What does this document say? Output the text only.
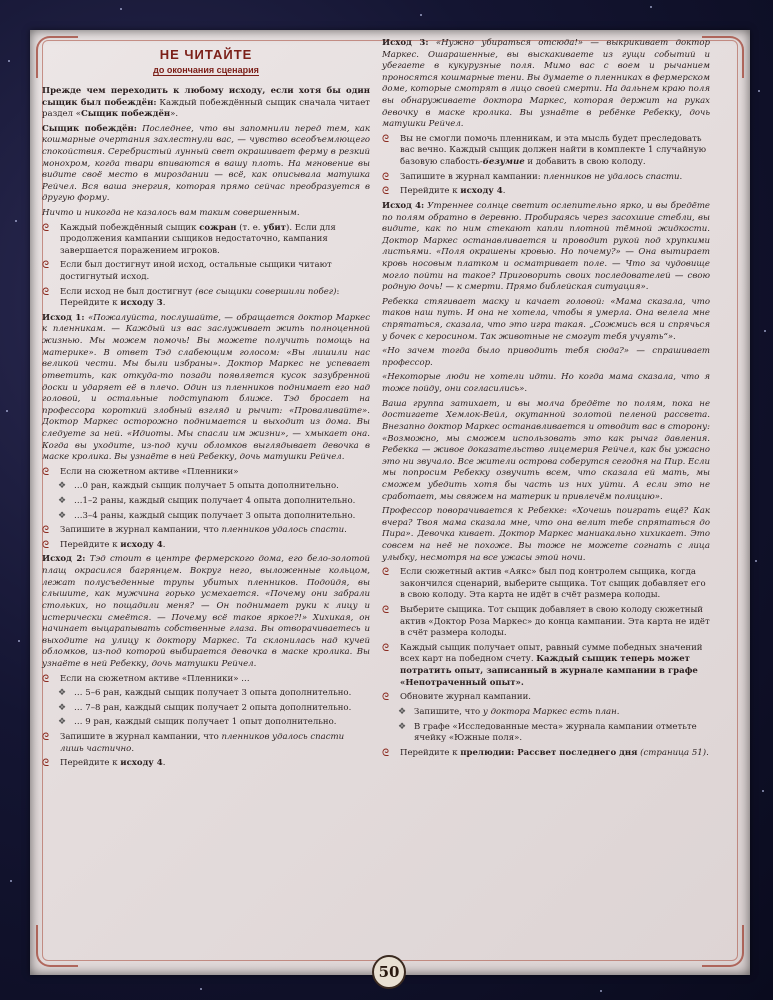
НЕ ЧИТАЙТЕ
до окончания сценария

Прежде чем переходить к любому исходу, если хотя бы один сыщик был побеждён: Каждый побеждённый сыщик сначала читает раздел «Сыщик побеждён».

Сыщик побеждён: Последнее, что вы запомнили перед тем, как кошмарные очертания захлестнули вас, — чувство всеобъемлющего спокойствия. Серебристый лунный свет окрашивает ферму в резкий монохром, когда твари впиваются в вашу плоть. На мгновение вы видите своё место в мироздании — всё, как описывала матушка Рейчел. Вся ваша энергия, которая прямо сейчас преобразуется в другую форму.

Ничто и никогда не казалось вам таким совершенным.

ᘓ	Каждый побеждённый сыщик сожран (т. е. убит). Если для продолжения кампании сыщиков недостаточно, кампания завершается поражением игроков.
ᘓ	Если был достигнут иной исход, остальные сыщики читают достигнутый исход.
ᘓ	Если исход не был достигнут (все сыщики совершили побег): Перейдите к исходу 3.

Исход 1: «Пожалуйста, послушайте, — обращается доктор Маркес к пленникам. — Каждый из вас заслуживает жить полноценной жизнью. Мы можем помочь! Вы можете получить помощь на материке». В ответ Тэд слабеющим голосом: «Вы лишили нас великой чести. Мы были избраны». Доктор Маркес не успевает ответить, как откуда-то позади появляется кусок зазубренной доски и ударяет её в плечо. Один из пленников поднимает его над головой, и остальные подступают ближе. Тэд бросает на профессора короткий злобный взгляд и рычит: «Проваливайте». Доктор Маркес осторожно поднимается и выходит из дома. Вы следуете за ней. «Идиоты. Мы спасли им жизни», — хмыкает она. Когда вы уходите, из-под кучи обломков выглядывает девочка в маске кролика. Вы узнаёте в ней Ребекку, дочь матушки Рейчел.

ᘓ	Если на сюжетном активе «Пленники»
❖ …0 ран, каждый сыщик получает 5 опыта дополнительно.
❖ …1–2 раны, каждый сыщик получает 4 опыта дополнительно.
❖ …3–4 раны, каждый сыщик получает 3 опыта дополнительно.
ᘓ	Запишите в журнал кампании, что пленников удалось спасти.
ᘓ	Перейдите к исходу 4.

Исход 2: Тэд стоит в центре фермерского дома, его бело-золотой плащ окрасился багрянцем. Вокруг него, выложенные кольцом, лежат полусъеденные трупы убитых пленников. Подойдя, вы слышите, как мужчина горько усмехается. «Почему они забрали стольких, но пощадили меня? — Он поднимает руки к лицу и истерически смеётся. — Почему всё такое яркое?!» Хихикая, он начинает выцарапывать собственные глаза. Вы отворачиваетесь и выходите на улицу к доктору Маркес. Та склонилась над кучей обломков, из-под которой выбирается девочка в маске кролика. Вы узнаёте в ней Ребекку, дочь матушки Рейчел.

ᘓ	Если на сюжетном активе «Пленники» …
❖ … 5–6 ран, каждый сыщик получает 3 опыта дополнительно.
❖ … 7–8 ран, каждый сыщик получает 2 опыта дополнительно.
❖ … 9 ран, каждый сыщик получает 1 опыт дополнительно.
ᘓ	Запишите в журнал кампании, что пленников удалось спасти лишь частично.
ᘓ	Перейдите к исходу 4.

Исход 3: «Нужно убираться отсюда!» — выкрикивает доктор Маркес. Ошарашенные, вы выскакиваете из гущи событий и убегаете в кукурузные поля. Мимо вас с воем и рычанием проносятся кошмарные тени. Вы думаете о пленниках в фермерском доме, которые смотрят в лицо своей смерти. На дальнем краю поля вы обнаруживаете доктора Маркес, которая держит на руках девочку в маске кролика. Вы узнаёте в ребёнке Ребекку, дочь матушки Рейчел.

ᘓ	Вы не смогли помочь пленникам, и эта мысль будет преследовать вас вечно. Каждый сыщик должен найти в комплекте 1 случайную базовую слабость-безумие и добавить в свою колоду.
ᘓ	Запишите в журнал кампании: пленников не удалось спасти.
ᘓ	Перейдите к исходу 4.

Исход 4: Утреннее солнце светит ослепительно ярко, и вы бредёте по полям обратно в деревню. Пробираясь через засохшие стебли, вы видите, как по ним стекают капли плотной тёмной жидкости. Доктор Маркес останавливается и проводит рукой под хрупкими листьями. «Поля окрашены кровью. Но почему?» — Она вытирает кровь носовым платком и осматривает поле. — Что за чудовище могло пойти на такое? Приговорить своих последователей — свою родную дочь! — к смерти. Прямо библейская ситуация».

Ребекка стягивает маску и качает головой: «Мама сказала, что таков наш путь. И она не хотела, чтобы я умерла. Она велела мне спрятаться, сказала, что это игра такая. „Сожмись вся и спрячься у бочек с керосином. Так животные не смогут тебя учуять“».

«Но зачем тогда было приводить тебя сюда?» — спрашивает профессор.

«Некоторые люди не хотели идти. Но когда мама сказала, что я тоже пойду, они согласились».

Ваша группа затихает, и вы молча бредёте по полям, пока не достигаете Хемлок-Вейл, окутанной золотой пеленой рассвета. Внезапно доктор Маркес останавливается и отводит вас в сторону: «Возможно, мы сможем использовать это как рычаг давления. Ребекка — живое доказательство лицемерия Рейчел, как бы ужасно это ни звучало. Все жители острова соберутся сегодня на Пир. Если мы попросим Ребекку озвучить всем, что сказала ей мать, мы сможем убедить хотя бы часть из них уйти. А если это не сработает, мы свяжем на материк и привлечём полицию».

Профессор поворачивается к Ребекке: «Хочешь поиграть ещё? Как вчера? Твоя мама сказала мне, что она велит тебе спрятаться до Пира». Девочка кивает. Доктор Маркес маниакально хихикает. Это совсем на неё не похоже. Вы тоже не можете согнать с лица улыбку, несмотря на все ужасы этой ночи.

ᘓ	Если сюжетный актив «Аякс» был под контролем сыщика, когда закончился сценарий, выберите сыщика. Тот сыщик добавляет его в свою колоду. Эта карта не идёт в счёт размера колоды.
ᘓ	Выберите сыщика. Тот сыщик добавляет в свою колоду сюжетный актив «Доктор Роза Маркес» до конца кампании. Эта карта не идёт в счёт размера колоды.
ᘓ	Каждый сыщик получает опыт, равный сумме победных значений всех карт на победном счету. Каждый сыщик теперь может потратить опыт, записанный в журнале кампании в графе «Непотраченный опыт».
ᘓ	Обновите журнал кампании.
❖ Запишите, что у доктора Маркес есть план.
❖ В графе «Исследованные места» журнала кампании отметьте ячейку «Южные поля».
ᘓ	Перейдите к прелюдии: Рассвет последнего дня (страница 51).
50
